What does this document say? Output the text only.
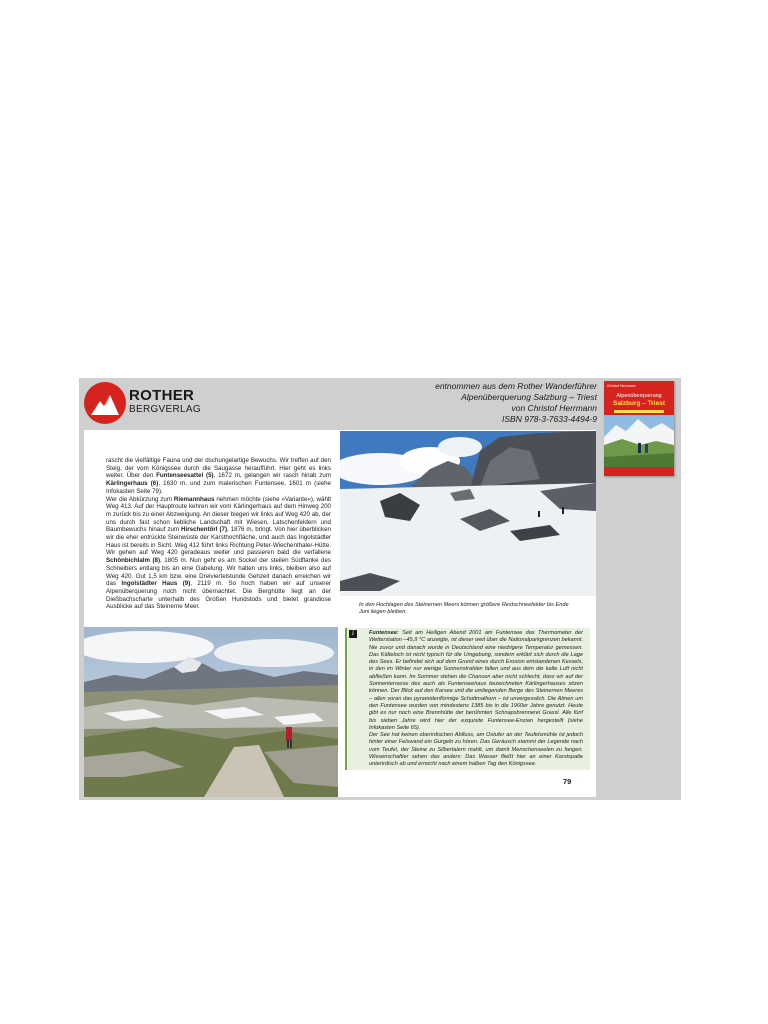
ROTHER
BERGVERLAG
entnommen aus dem Rother Wanderführer
Alpenüberquerung Salzburg – Triest
von Christof Herrmann
ISBN 978-3-7633-4494-9
Christof Herrmann
Alpenüberquerung
Salzburg – Triest
rascht die vielfältige Fauna und der dschungelartige Bewuchs. Wir treffen auf den Steig, der vom Königssee durch die Saugasse heraufführt. Hier geht es links weiter. Über den Funtenseesattel (5), 1672 m, gelangen wir rasch hinab zum Kärlingerhaus (6), 1630 m, und zum malerischen Funtensee, 1601 m (siehe Infokasten Seite 79).
Wer die Abkürzung zum Riemannhaus nehmen möchte (siehe »Variante«), wählt Weg 413. Auf der Hauptroute kehren wir vom Kärlingerhaus auf dem Hinweg 200 m zurück bis zu einer Abzweigung. An dieser biegen wir links auf Weg 420 ab, der uns durch fast schon liebliche Landschaft mit Wiesen, Latschenfeldern und Baumbewuchs hinauf zum Hirschentörl (7), 1876 m, bringt. Von hier überblicken wir die eher entrückte Steinwüste der Karsthochfläche, und auch das Ingolstädter Haus ist bereits in Sicht. Weg 412 führt links Richtung Peter-Wiechenthaler-Hütte. Wir gehen auf Weg 420 geradeaus weiter und passieren bald die verfallene Schönbichlalm (8), 1805 m. Nun geht es am Sockel der steilen Südflanke des Schneibers entlang bis an eine Gabelung. Wir halten uns links, bleiben also auf Weg 420. Gut 1,5 km bzw. eine Dreiviertelstunde Gehzeit danach erreichen wir das Ingolstädter Haus (9), 2119 m. So hoch haben wir auf unserer Alpenüberquerung noch nicht übernachtet. Die Berghütte liegt an der Dießbachscharte unterhalb des Großen Hundstods und bietet grandiose Ausblicke auf das Steinerne Meer.	In den Hochlagen des Steinernen Meers können größere Restschneefelder bis Ende Juni liegen bleiben.
i	Funtensee: Seit am Heiligen Abend 2001 am Funtensee das Thermometer der Wetterstation –45,9 °C anzeigte, ist dieser weit über die Nationalparkgrenzen bekannt. Nie zuvor und danach wurde in Deutschland eine niedrigere Temperatur gemessen. Das Kälteloch ist nicht typisch für die Umgebung, sondern erklärt sich durch die Lage des Sees. Er befindet sich auf dem Grund eines durch Erosion entstandenen Kessels, in den im Winter nur wenige Sonnenstrahlen fallen und aus dem die kalte Luft nicht abfließen kann. Im Sommer stehen die Chancen aber nicht schlecht, dass wir auf der Sonnenterrasse des auch als Funtenseehaus bezeichneten Kärlingerhauses sitzen können. Der Blick auf den Karsee und die umliegenden Berge des Steinernen Meeres – allen voran das pyramidenförmige Schottmalhorn – ist unvergesslich. Die Almen um den Funtensee wurden von mindestens 1385 bis in die 1960er Jahre genutzt. Heute gibt es nur noch eine Brennhütte der berühmten Schnapsbrennerei Grassl. Alle fünf bis sieben Jahre wird hier der exquisite Funtensee-Enzian hergestellt (siehe Infokasten Seite 65).
Der See hat keinen oberirdischen Abfluss, am Ostufer an der Teufelsmühle ist jedoch hinter einer Felswand ein Gurgeln zu hören. Das Geräusch stammt der Legende nach vom Teufel, der Steine zu Silbertalern mahlt, um damit Menschenseelen zu fangen. Wissenschaftler sehen das anders: Das Wasser fließt hier an einer Karstspalte unterirdisch ab und erreicht nach einem halben Tag den Königssee.
79
